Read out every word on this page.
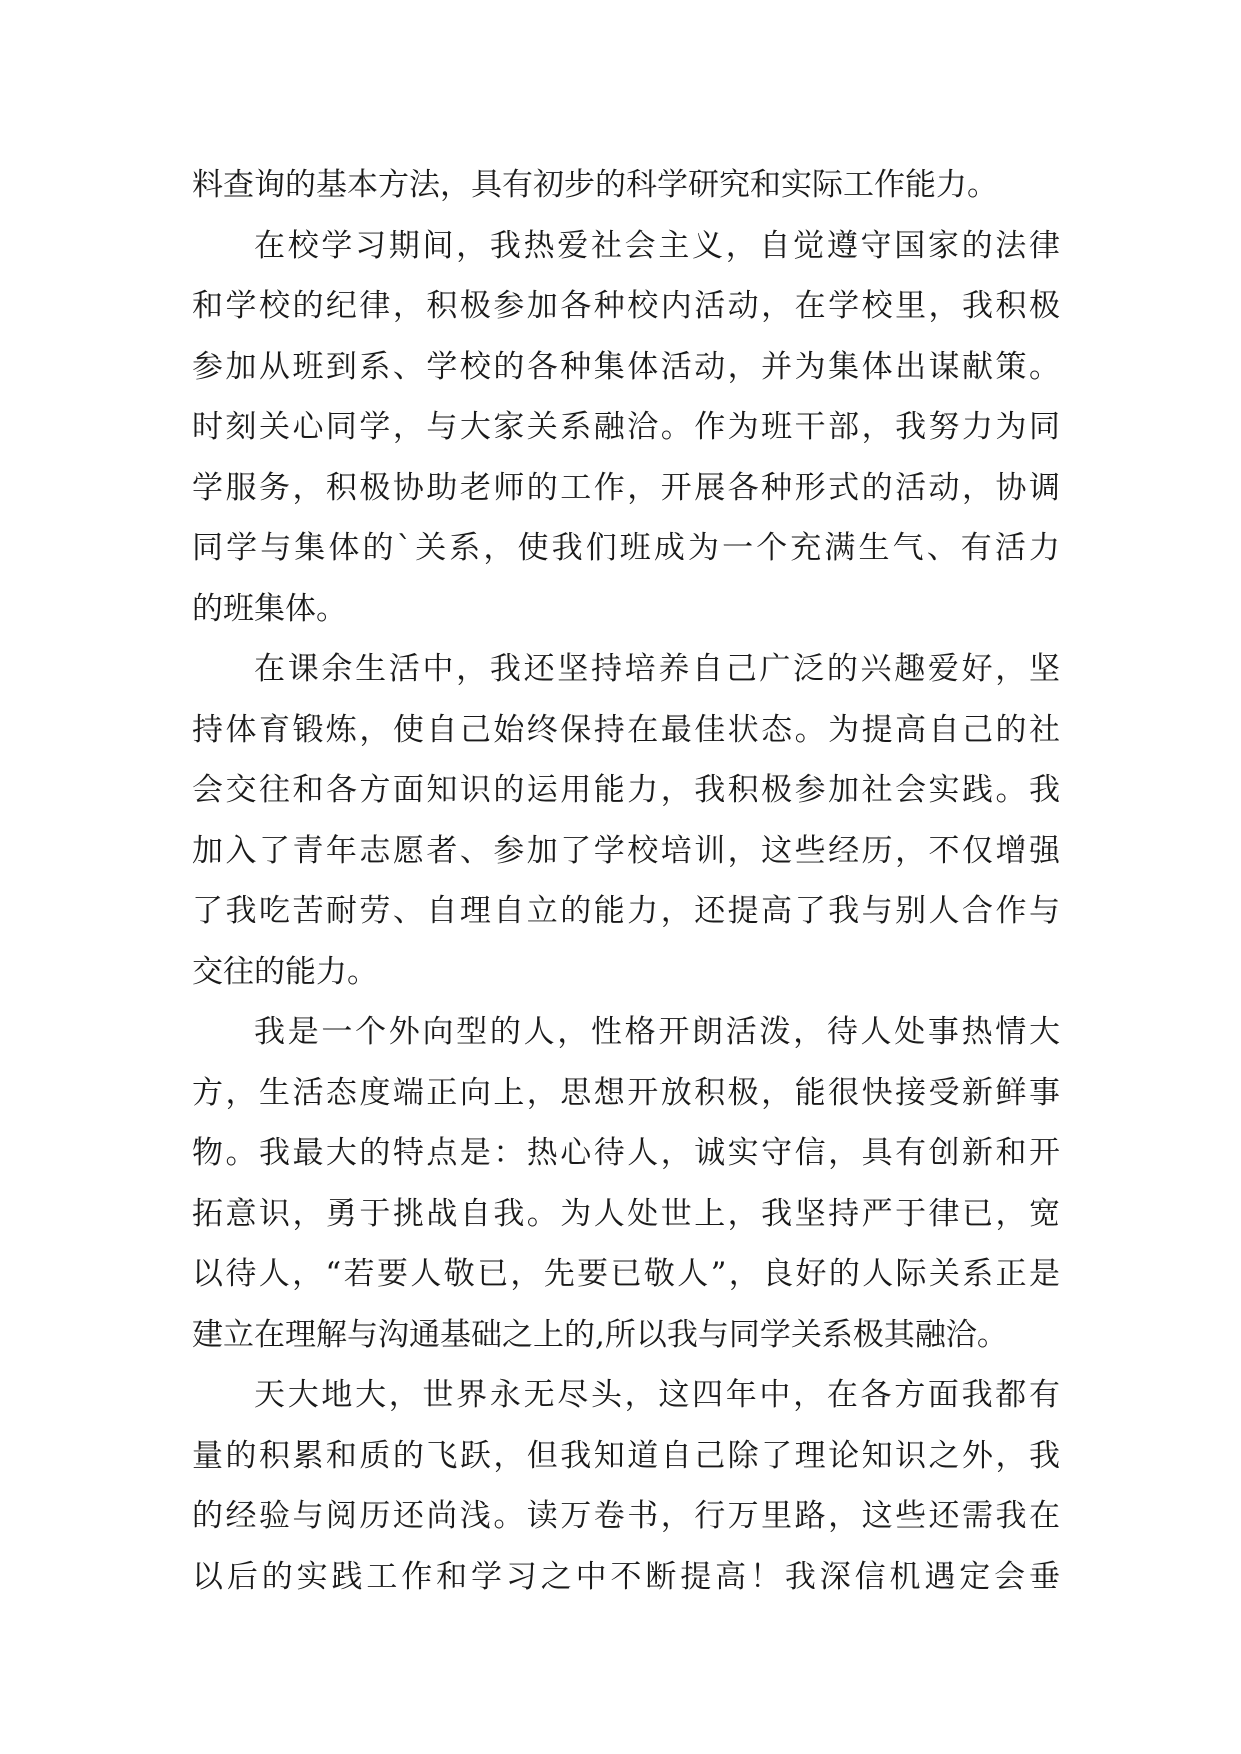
料查询的基本方法，具有初步的科学研究和实际工作能力。
在校学习期间，我热爱社会主义，自觉遵守国家的法律
和学校的纪律，积极参加各种校内活动，在学校里，我积极
参加从班到系、学校的各种集体活动，并为集体出谋献策。
时刻关心同学，与大家关系融洽。作为班干部，我努力为同
学服务，积极协助老师的工作，开展各种形式的活动，协调
同学与集体的`关系，使我们班成为一个充满生气、有活力
的班集体。
在课余生活中，我还坚持培养自己广泛的兴趣爱好，坚
持体育锻炼，使自己始终保持在最佳状态。为提高自己的社
会交往和各方面知识的运用能力，我积极参加社会实践。我
加入了青年志愿者、参加了学校培训，这些经历，不仅增强
了我吃苦耐劳、自理自立的能力，还提高了我与别人合作与
交往的能力。
我是一个外向型的人，性格开朗活泼，待人处事热情大
方，生活态度端正向上，思想开放积极，能很快接受新鲜事
物。我最大的特点是：热心待人，诚实守信，具有创新和开
拓意识，勇于挑战自我。为人处世上，我坚持严于律已，宽
以待人，“若要人敬已，先要已敬人”，良好的人际关系正是
建立在理解与沟通基础之上的,所以我与同学关系极其融洽。
天大地大，世界永无尽头，这四年中，在各方面我都有
量的积累和质的飞跃，但我知道自己除了理论知识之外，我
的经验与阅历还尚浅。读万卷书，行万里路，这些还需我在
以后的实践工作和学习之中不断提高！我深信机遇定会垂
